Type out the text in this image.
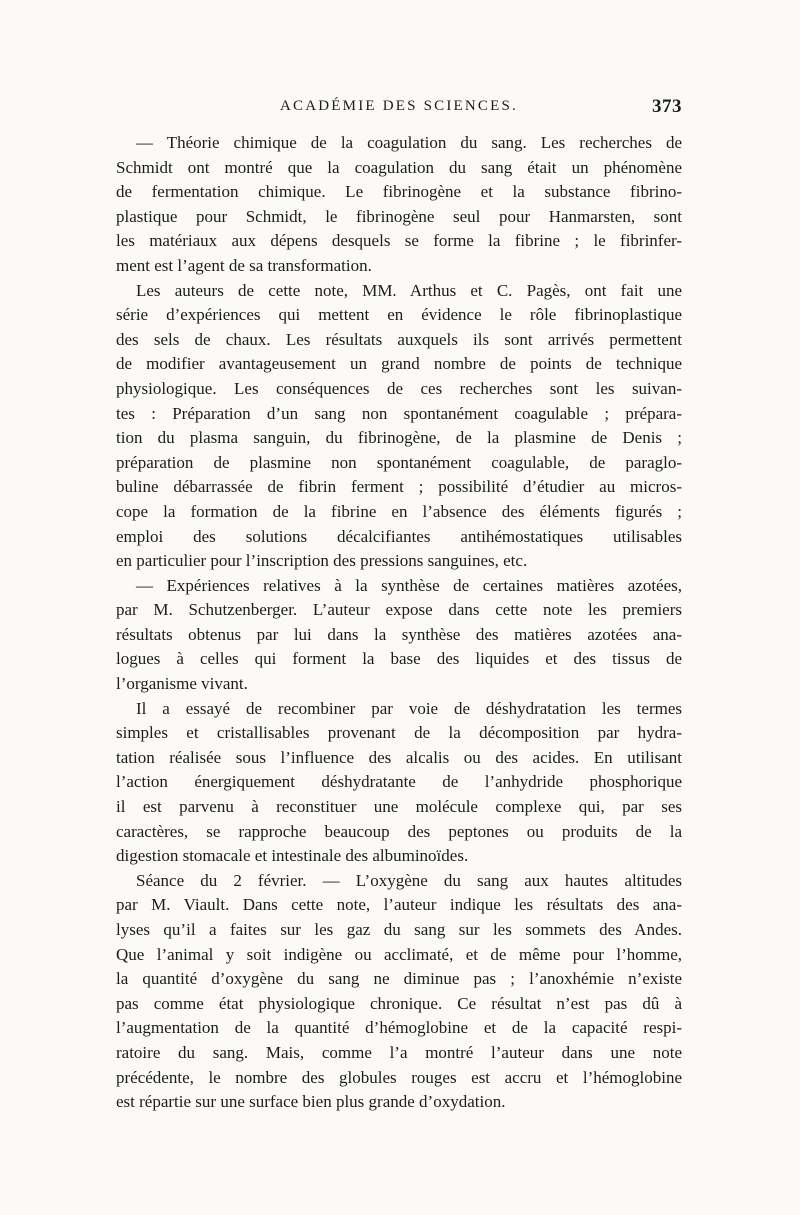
ACADÉMIE DES SCIENCES.	373
— Théorie chimique de la coagulation du sang. Les recherches de
Schmidt ont montré que la coagulation du sang était un phénomène
de fermentation chimique. Le fibrinogène et la substance fibrino-
plastique pour Schmidt, le fibrinogène seul pour Hanmarsten, sont
les matériaux aux dépens desquels se forme la fibrine ; le fibrinfer-
ment est l’agent de sa transformation.
Les auteurs de cette note, MM. Arthus et C. Pagès, ont fait une
série d’expériences qui mettent en évidence le rôle fibrinoplastique
des sels de chaux. Les résultats auxquels ils sont arrivés permettent
de modifier avantageusement un grand nombre de points de technique
physiologique. Les conséquences de ces recherches sont les suivan-
tes : Préparation d’un sang non spontanément coagulable ; prépara-
tion du plasma sanguin, du fibrinogène, de la plasmine de Denis ;
préparation de plasmine non spontanément coagulable, de paraglo-
buline débarrassée de fibrin ferment ; possibilité d’étudier au micros-
cope la formation de la fibrine en l’absence des éléments figurés ;
emploi des solutions décalcifiantes antihémostatiques utilisables
en particulier pour l’inscription des pressions sanguines, etc.
— Expériences relatives à la synthèse de certaines matières azotées,
par M. Schutzenberger. L’auteur expose dans cette note les premiers
résultats obtenus par lui dans la synthèse des matières azotées ana-
logues à celles qui forment la base des liquides et des tissus de
l’organisme vivant.
Il a essayé de recombiner par voie de déshydratation les termes
simples et cristallisables provenant de la décomposition par hydra-
tation réalisée sous l’influence des alcalis ou des acides. En utilisant
l’action énergiquement déshydratante de l’anhydride phosphorique
il est parvenu à reconstituer une molécule complexe qui, par ses
caractères, se rapproche beaucoup des peptones ou produits de la
digestion stomacale et intestinale des albuminoïdes.
Séance du 2 février. — L’oxygène du sang aux hautes altitudes
par M. Viault. Dans cette note, l’auteur indique les résultats des ana-
lyses qu’il a faites sur les gaz du sang sur les sommets des Andes.
Que l’animal y soit indigène ou acclimaté, et de même pour l’homme,
la quantité d’oxygène du sang ne diminue pas ; l’anoxhémie n’existe
pas comme état physiologique chronique. Ce résultat n’est pas dû à
l’augmentation de la quantité d’hémoglobine et de la capacité respi-
ratoire du sang. Mais, comme l’a montré l’auteur dans une note
précédente, le nombre des globules rouges est accru et l’hémoglobine
est répartie sur une surface bien plus grande d’oxydation.
